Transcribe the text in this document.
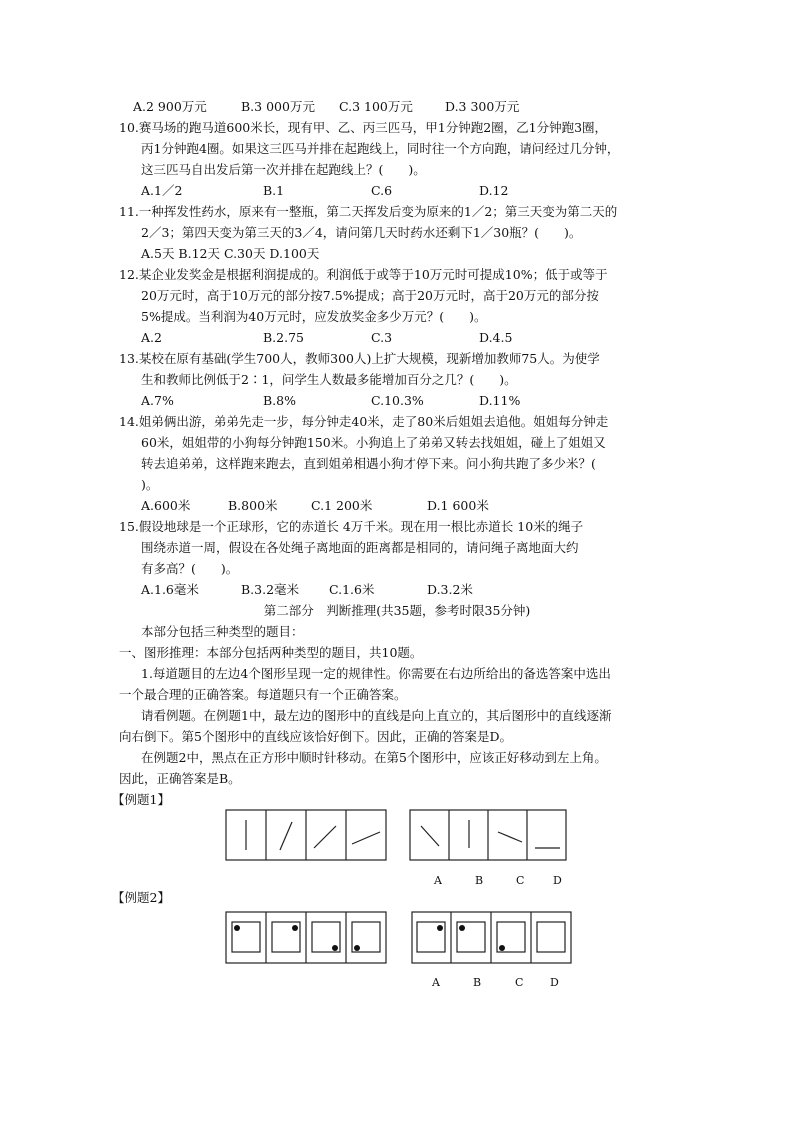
A.2 900万元	B.3 000万元 C.3 100万元	D.3 300万元
10.赛马场的跑马道600米长，现有甲、乙、丙三匹马，甲1分钟跑2圈，乙1分钟跑3圈，
丙1分钟跑4圈。如果这三匹马并排在起跑线上，同时往一个方向跑，请问经过几分钟，
这三匹马自出发后第一次并排在起跑线上？(　　)。
A.1／2	B.1	C.6	D.12
11.一种挥发性药水，原来有一整瓶，第二天挥发后变为原来的1／2；第三天变为第二天的
2／3；第四天变为第三天的3／4，请问第几天时药水还剩下1／30瓶？(　　)。
A.5天 B.12天 C.30天 D.100天
12.某企业发奖金是根据利润提成的。利润低于或等于10万元时可提成10%；低于或等于
20万元时，高于10万元的部分按7.5%提成；高于20万元时，高于20万元的部分按
5%提成。当利润为40万元时，应发放奖金多少万元？(　　)。
A.2	B.2.75	C.3	D.4.5
13.某校在原有基础(学生700人，教师300人)上扩大规模，现新增加教师75人。为使学
生和教师比例低于2∶1，问学生人数最多能增加百分之几？(　　)。
A.7%	B.8%	C.10.3%	D.11%
14.姐弟俩出游，弟弟先走一步，每分钟走40米，走了80米后姐姐去追他。姐姐每分钟走
60米，姐姐带的小狗每分钟跑150米。小狗追上了弟弟又转去找姐姐，碰上了姐姐又
转去追弟弟，这样跑来跑去，直到姐弟相遇小狗才停下来。问小狗共跑了多少米？(
)。
A.600米	B.800米	C.1 200米	D.1 600米
15.假设地球是一个正球形，它的赤道长 4万千米。现在用一根比赤道长 10米的绳子
围绕赤道一周，假设在各处绳子离地面的距离都是相同的，请问绳子离地面大约
有多高？(　　)。
A.1.6毫米	B.3.2毫米 C.1.6米	D.3.2米
第二部分　判断推理(共35题，参考时限35分钟)
本部分包括三种类型的题目：
一、图形推理：本部分包括两种类型的题目，共10题。
1.每道题目的左边4个图形呈现一定的规律性。你需要在右边所给出的备选答案中选出
一个最合理的正确答案。每道题只有一个正确答案。
请看例题。在例题1中，最左边的图形中的直线是向上直立的，其后图形中的直线逐渐
向右倒下。第5个图形中的直线应该恰好倒下。因此，正确的答案是D。
在例题2中，黑点在正方形中顺时针移动。在第5个图形中，应该正好移动到左上角。
因此，正确答案是B。
【例题1】
A	B	C	D
【例题2】
A	B	C D
